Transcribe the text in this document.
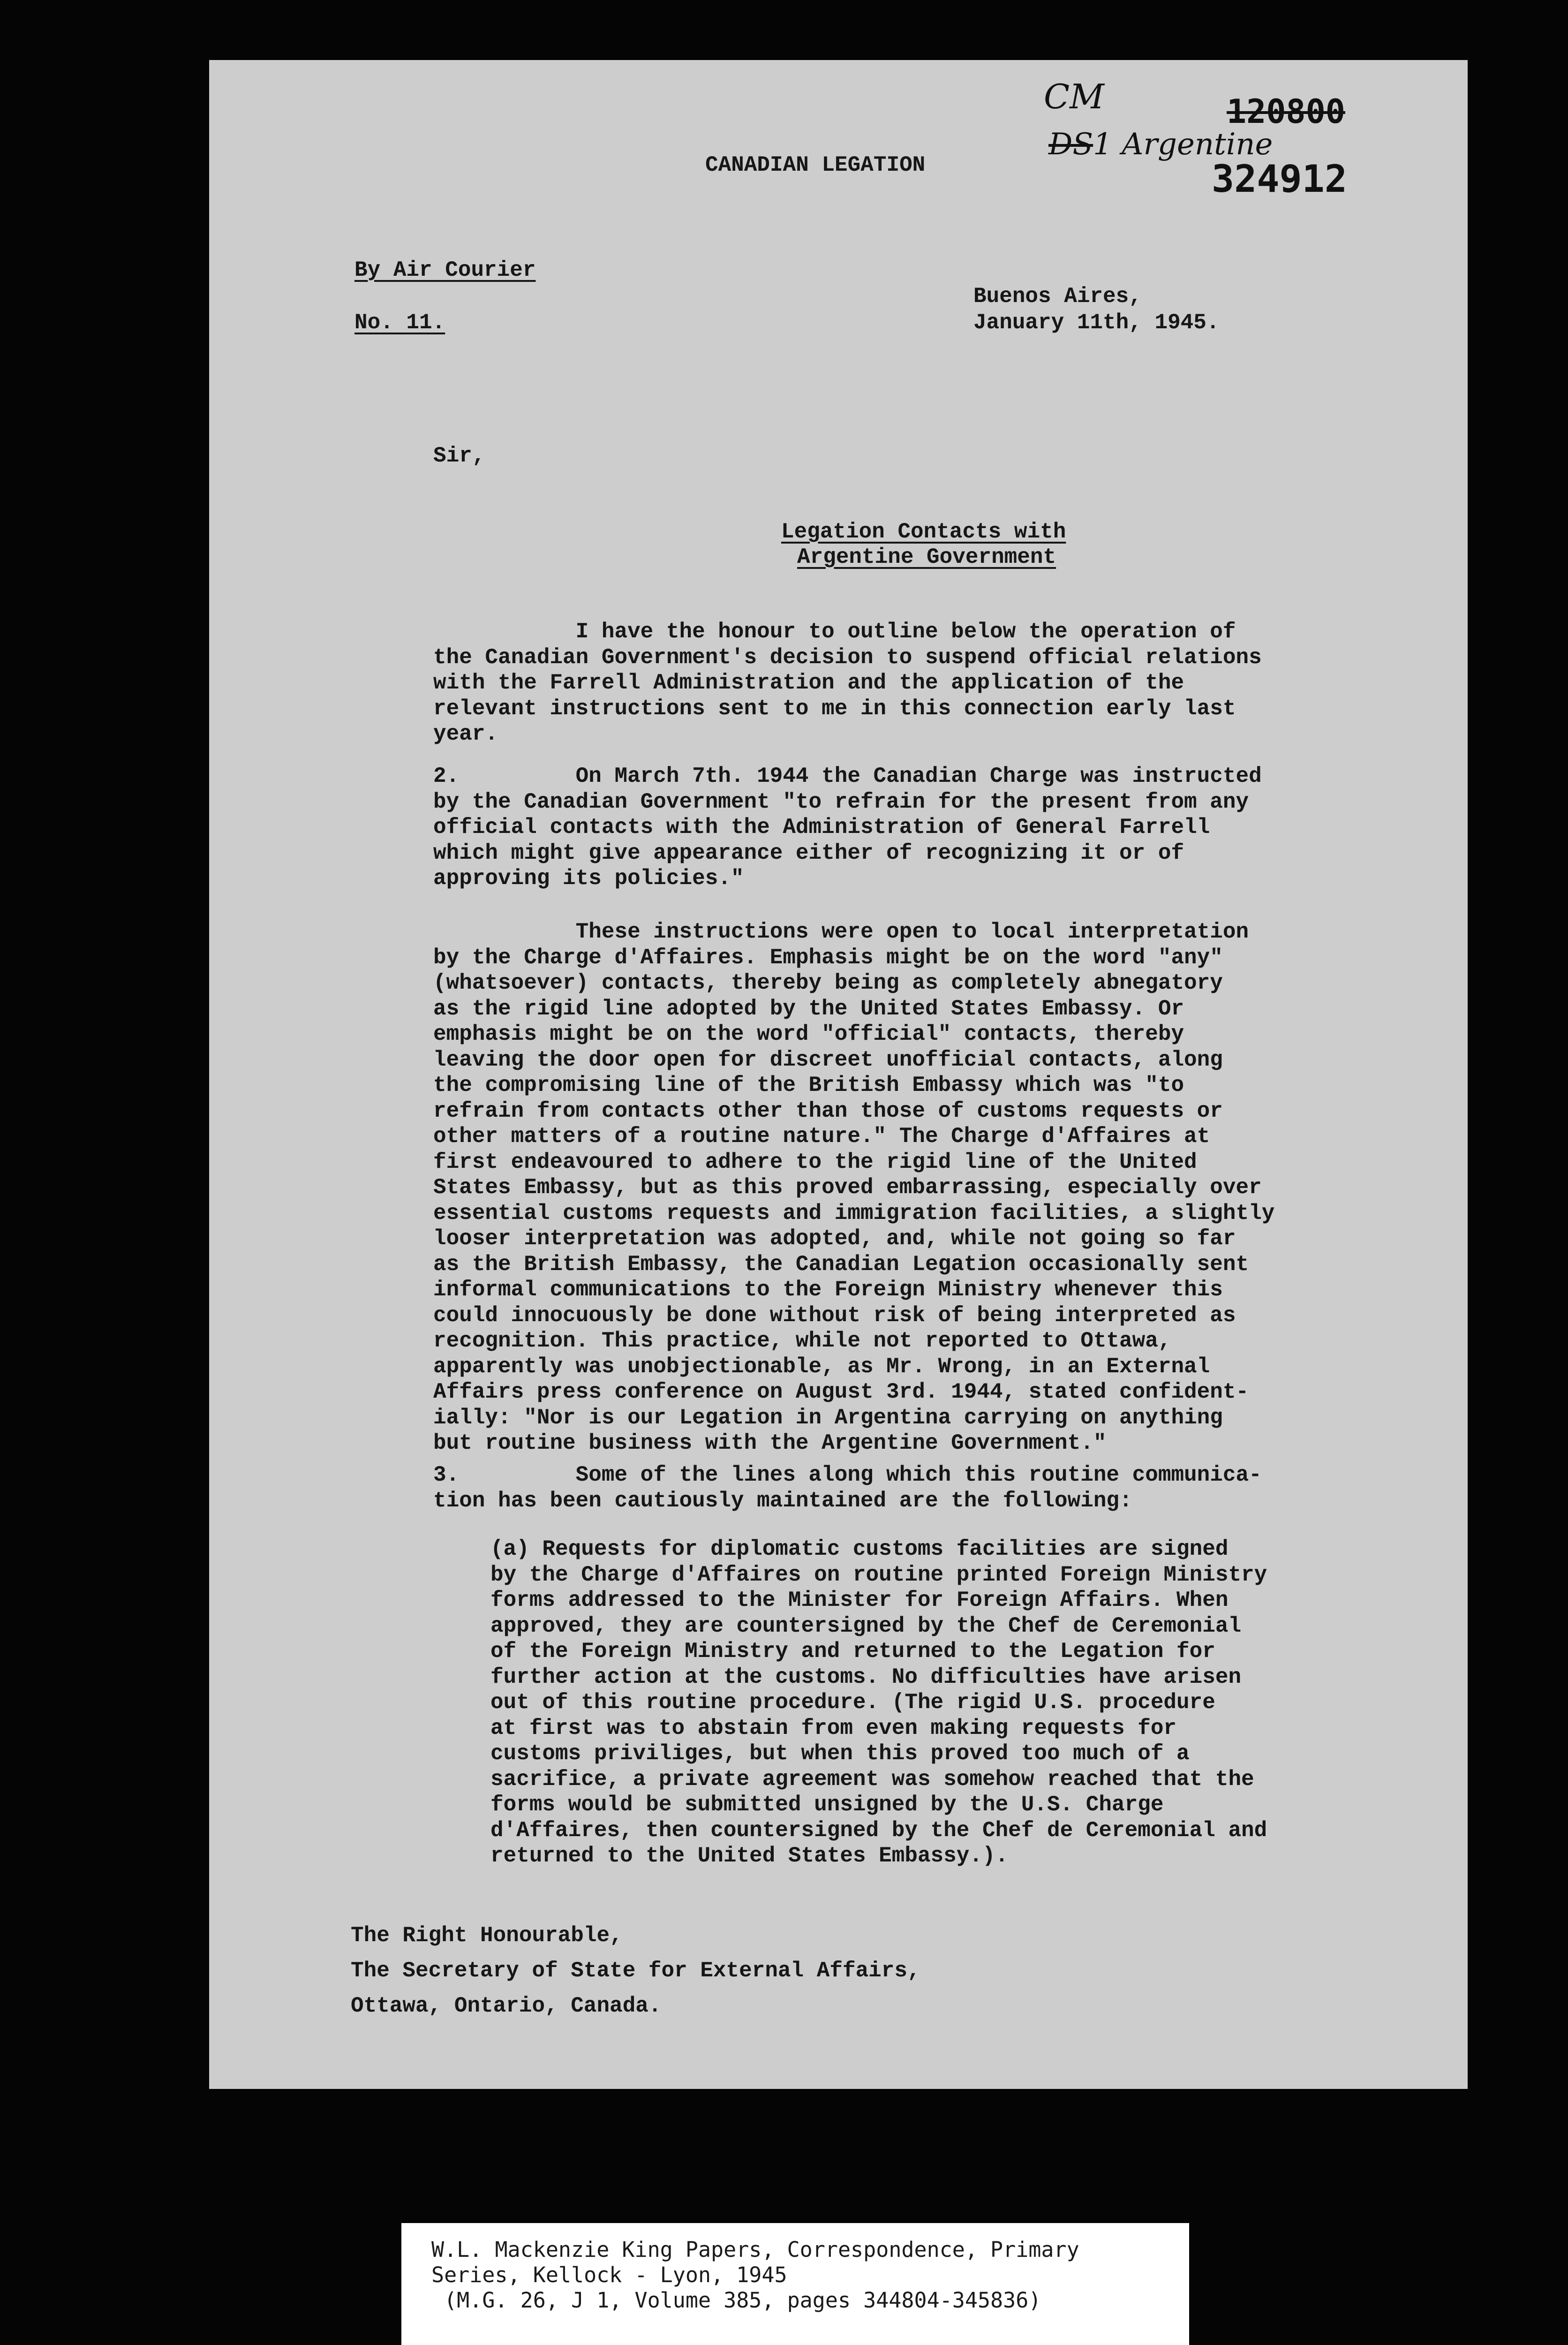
CANADIAN LEGATION
CM
DS1 Argentine
120800
324912
By Air Courier
No. 11.
Buenos Aires,
January 11th, 1945.
Sir,
Legation Contacts with
Argentine Government
I have the honour to outline below the operation of
the Canadian Government's decision to suspend official relations
with the Farrell Administration and the application of the
relevant instructions sent to me in this connection early last
year.
2.         On March 7th. 1944 the Canadian Charge was instructed
by the Canadian Government "to refrain for the present from any
official contacts with the Administration of General Farrell
which might give appearance either of recognizing it or of
approving its policies."
These instructions were open to local interpretation
by the Charge d'Affaires. Emphasis might be on the word "any"
(whatsoever) contacts, thereby being as completely abnegatory
as the rigid line adopted by the United States Embassy. Or
emphasis might be on the word "official" contacts, thereby
leaving the door open for discreet unofficial contacts, along
the compromising line of the British Embassy which was "to
refrain from contacts other than those of customs requests or
other matters of a routine nature." The Charge d'Affaires at
first endeavoured to adhere to the rigid line of the United
States Embassy, but as this proved embarrassing, especially over
essential customs requests and immigration facilities, a slightly
looser interpretation was adopted, and, while not going so far
as the British Embassy, the Canadian Legation occasionally sent
informal communications to the Foreign Ministry whenever this
could innocuously be done without risk of being interpreted as
recognition. This practice, while not reported to Ottawa,
apparently was unobjectionable, as Mr. Wrong, in an External
Affairs press conference on August 3rd. 1944, stated confident-
ially: "Nor is our Legation in Argentina carrying on anything
but routine business with the Argentine Government."
3.         Some of the lines along which this routine communica-
tion has been cautiously maintained are the following:
(a) Requests for diplomatic customs facilities are signed
by the Charge d'Affaires on routine printed Foreign Ministry
forms addressed to the Minister for Foreign Affairs. When
approved, they are countersigned by the Chef de Ceremonial
of the Foreign Ministry and returned to the Legation for
further action at the customs. No difficulties have arisen
out of this routine procedure. (The rigid U.S. procedure
at first was to abstain from even making requests for
customs priviliges, but when this proved too much of a
sacrifice, a private agreement was somehow reached that the
forms would be submitted unsigned by the U.S. Charge
d'Affaires, then countersigned by the Chef de Ceremonial and
returned to the United States Embassy.).
The Right Honourable,
The Secretary of State for External Affairs,
Ottawa, Ontario, Canada.
W.L. Mackenzie King Papers, Correspondence, Primary
Series, Kellock - Lyon, 1945
(M.G. 26, J 1, Volume 385, pages 344804-345836)
